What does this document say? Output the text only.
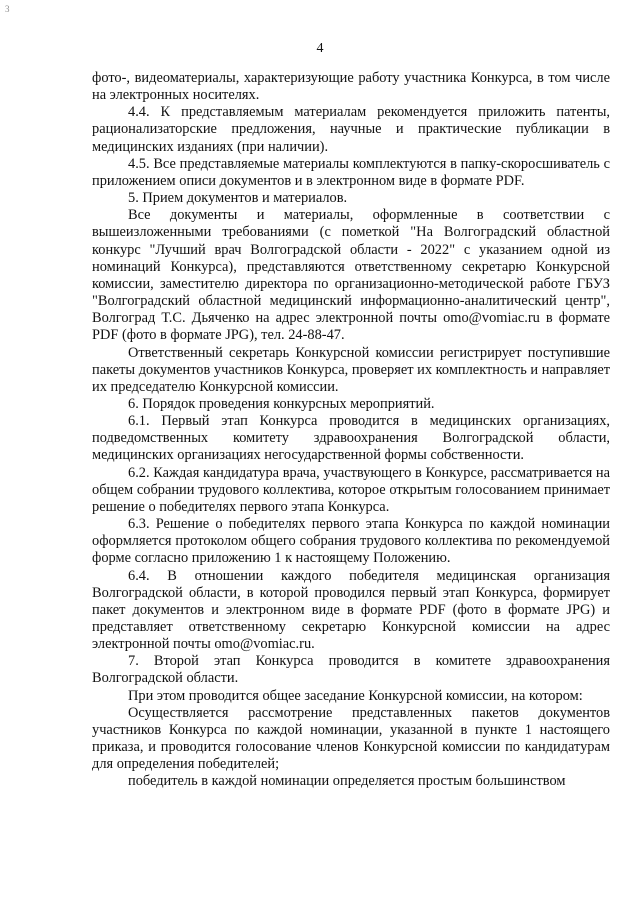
3
4

фото-, видеоматериалы, характеризующие работу участника Конкурса, в том числе на электронных носителях.

4.4. К представляемым материалам рекомендуется приложить патенты, рационализаторские предложения, научные и практические публикации в медицинских изданиях (при наличии).

4.5. Все представляемые материалы комплектуются в папку-скоросшиватель с приложением описи документов и в электронном виде в формате PDF.

5. Прием документов и материалов.

Все документы и материалы, оформленные в соответствии с вышеизложенными требованиями (с пометкой "На Волгоградский областной конкурс "Лучший врач Волгоградской области - 2022" с указанием одной из номинаций Конкурса), представляются ответственному секретарю Конкурсной комиссии, заместителю директора по организационно-методической работе ГБУЗ "Волгоградский областной медицинский информационно-аналитический центр", Волгоград Т.С. Дьяченко на адрес электронной почты omo@vomiac.ru в формате PDF (фото в формате JPG), тел. 24-88-47.

Ответственный секретарь Конкурсной комиссии регистрирует поступившие пакеты документов участников Конкурса, проверяет их комплектность и направляет их председателю Конкурсной комиссии.

6. Порядок проведения конкурсных мероприятий.

6.1. Первый этап Конкурса проводится в медицинских организациях, подведомственных комитету здравоохранения Волгоградской области, медицинских организациях негосударственной формы собственности.

6.2. Каждая кандидатура врача, участвующего в Конкурсе, рассматривается на общем собрании трудового коллектива, которое открытым голосованием принимает решение о победителях первого этапа Конкурса.

6.3. Решение о победителях первого этапа Конкурса по каждой номинации оформляется протоколом общего собрания трудового коллектива по рекомендуемой форме согласно приложению 1 к настоящему Положению.

6.4. В отношении каждого победителя медицинская организация Волгоградской области, в которой проводился первый этап Конкурса, формирует пакет документов и электронном виде в формате PDF (фото в формате JPG) и представляет ответственному секретарю Конкурсной комиссии на адрес электронной почты omo@vomiac.ru.

7. Второй этап Конкурса проводится в комитете здравоохранения Волгоградской области.

При этом проводится общее заседание Конкурсной комиссии, на котором:

Осуществляется рассмотрение представленных пакетов документов участников Конкурса по каждой номинации, указанной в пункте 1 настоящего приказа, и проводится голосование членов Конкурсной комиссии по кандидатурам для определения победителей;

победитель в каждой номинации определяется простым большинством
